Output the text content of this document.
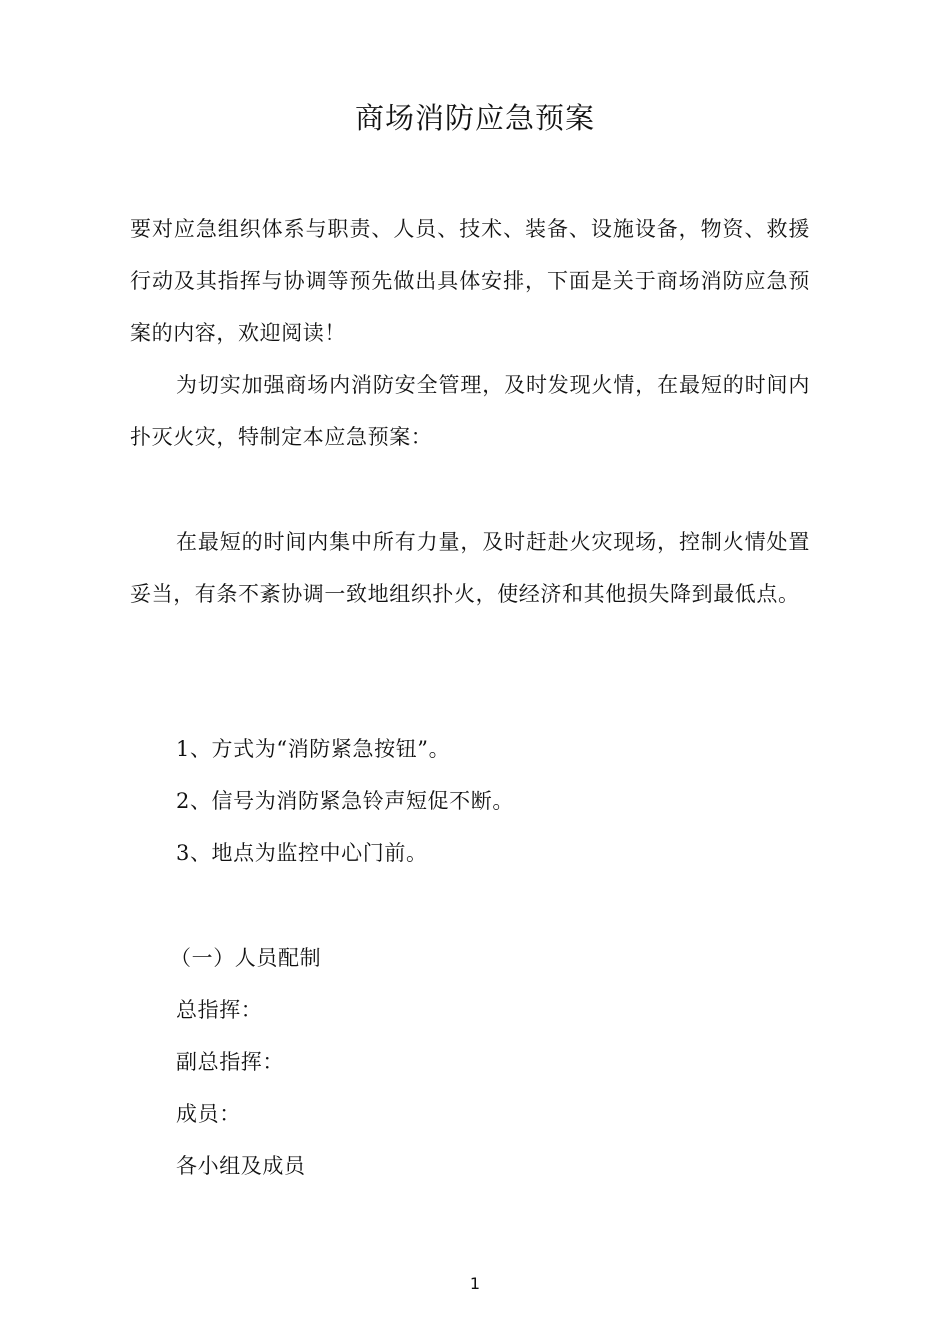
商场消防应急预案

要对应急组织体系与职责、人员、技术、装备、设施设备，物资、救援行动及其指挥与协调等预先做出具体安排，下面是关于商场消防应急预案的内容，欢迎阅读！

为切实加强商场内消防安全管理，及时发现火情，在最短的时间内扑灭火灾，特制定本应急预案：

在最短的时间内集中所有力量，及时赶赴火灾现场，控制火情处置妥当，有条不紊协调一致地组织扑火，使经济和其他损失降到最低点。

1、方式为“消防紧急按钮”。

2、信号为消防紧急铃声短促不断。

3、地点为监控中心门前。

（一）人员配制

总指挥：

副总指挥：

成员：

各小组及成员

1
